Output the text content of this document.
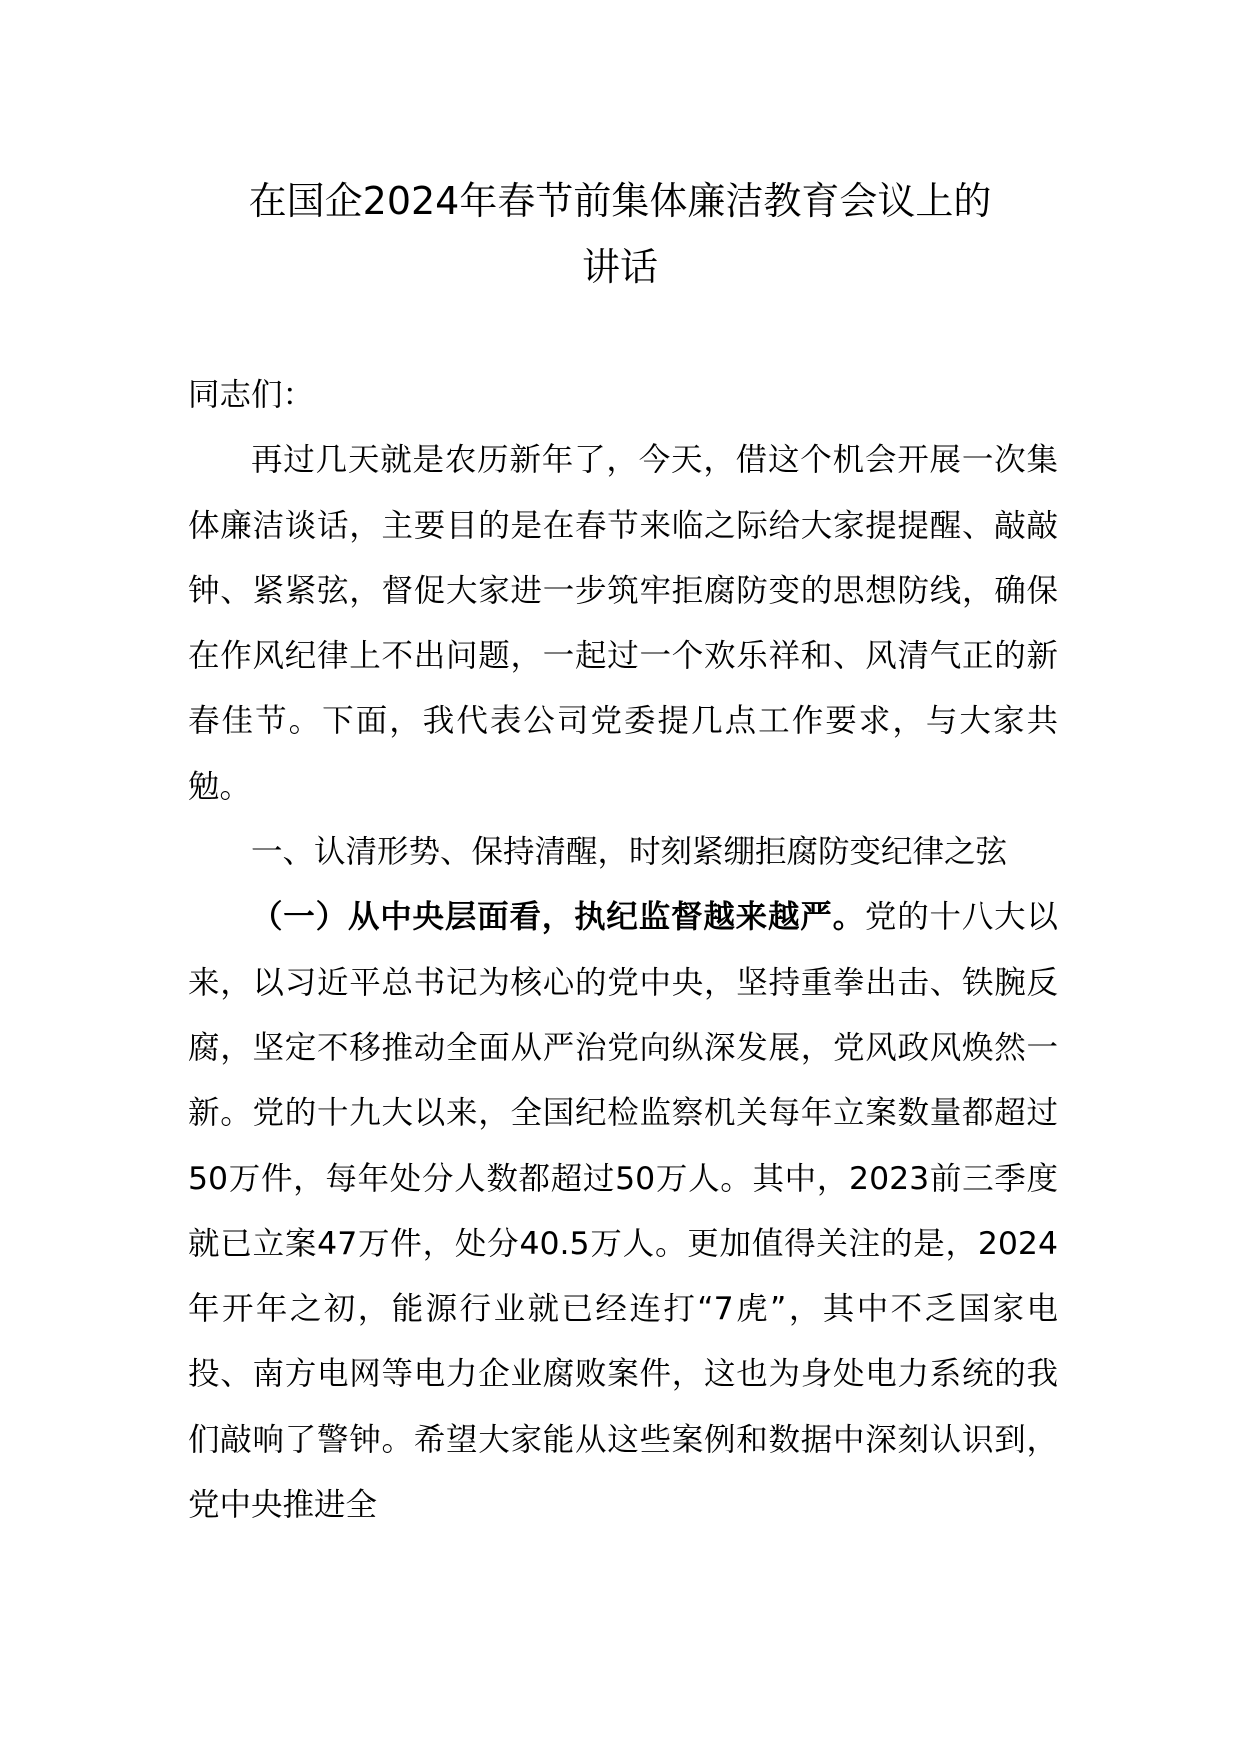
在国企2024年春节前集体廉洁教育会议上的
讲话

同志们：

再过几天就是农历新年了，今天，借这个机会开展一次集体廉洁谈话，主要目的是在春节来临之际给大家提提醒、敲敲钟、紧紧弦，督促大家进一步筑牢拒腐防变的思想防线，确保在作风纪律上不出问题，一起过一个欢乐祥和、风清气正的新春佳节。下面，我代表公司党委提几点工作要求，与大家共勉。

一、认清形势、保持清醒，时刻紧绷拒腐防变纪律之弦

（一）从中央层面看，执纪监督越来越严。党的十八大以来，以习近平总书记为核心的党中央，坚持重拳出击、铁腕反腐，坚定不移推动全面从严治党向纵深发展，党风政风焕然一新。党的十九大以来，全国纪检监察机关每年立案数量都超过50万件，每年处分人数都超过50万人。其中，2023前三季度就已立案47万件，处分40.5万人。更加值得关注的是，2024年开年之初，能源行业就已经连打“7虎”，其中不乏国家电投、南方电网等电力企业腐败案件，这也为身处电力系统的我们敲响了警钟。希望大家能从这些案例和数据中深刻认识到，党中央推进全
